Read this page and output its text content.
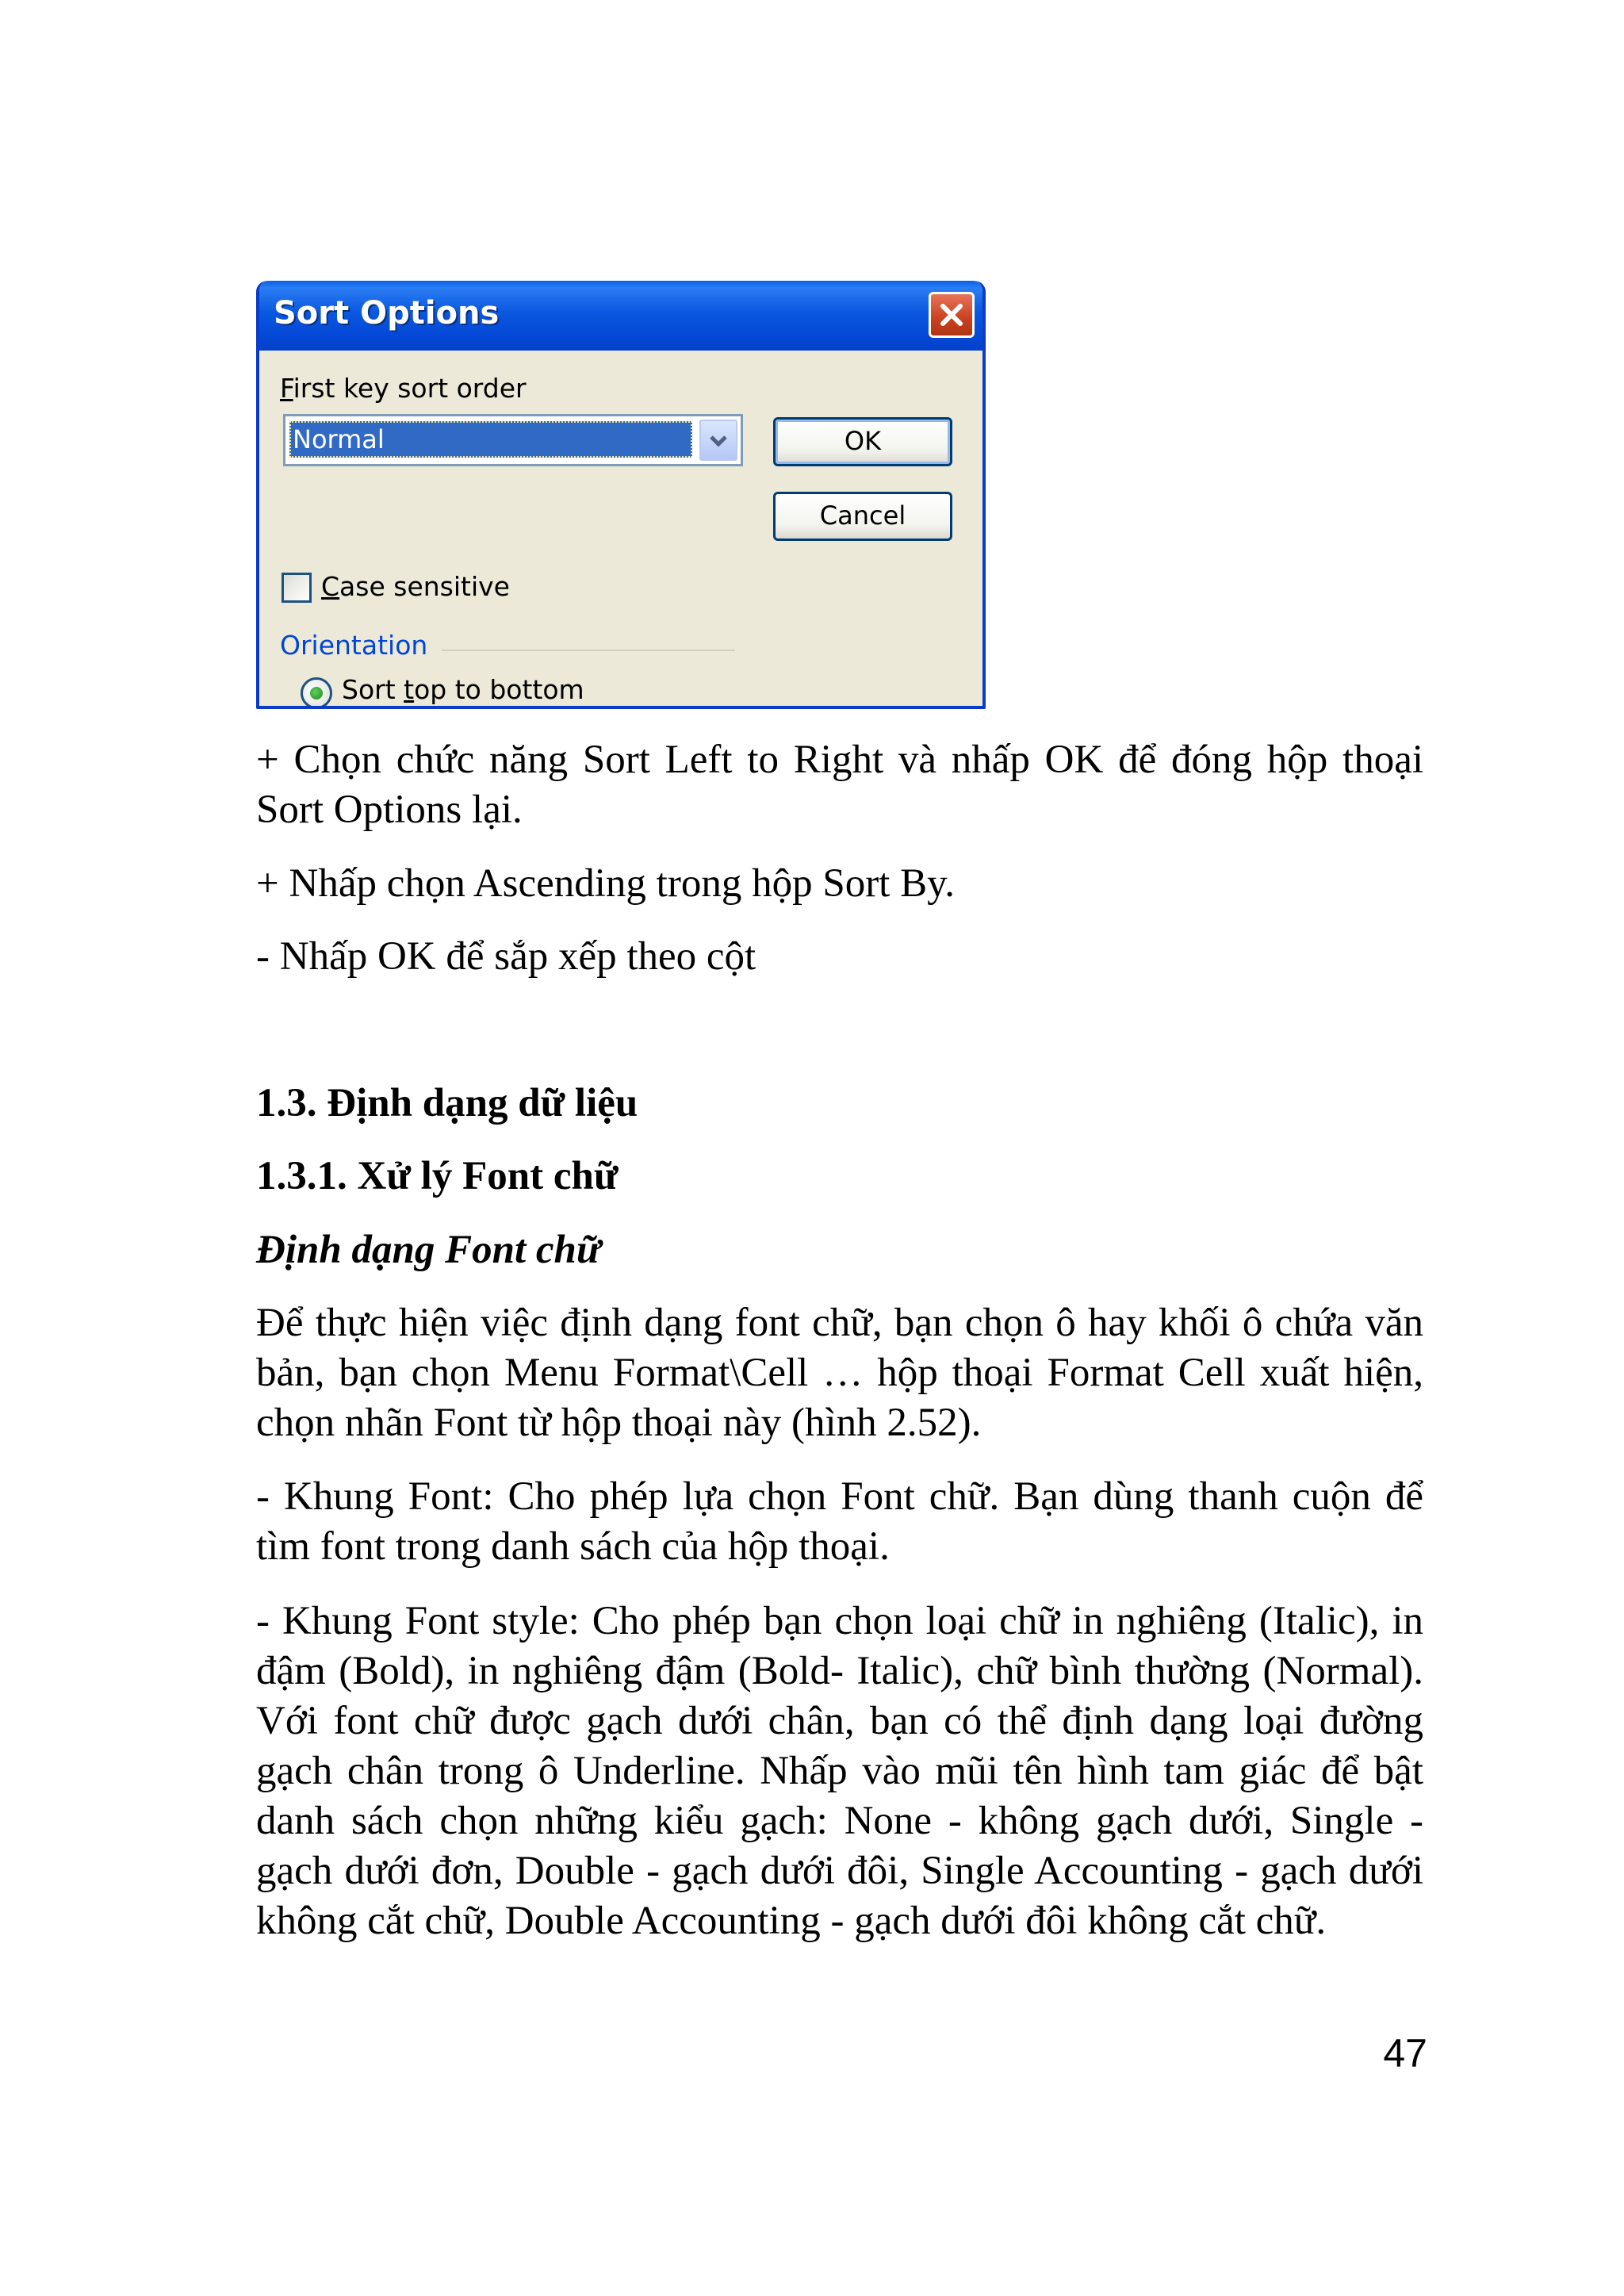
Sort Options
First key sort order
Normal	OK
Cancel
Case sensitive
Orientation
Sort top to bottom

+ Chọn chức năng Sort Left to Right và nhấp OK để đóng hộp thoại Sort Options lại.

+ Nhấp chọn Ascending trong hộp Sort By.

- Nhấp OK để sắp xếp theo cột

1.3. Định dạng dữ liệu
1.3.1. Xử lý Font chữ
Định dạng Font chữ

Để thực hiện việc định dạng font chữ, bạn chọn ô hay khối ô chứa văn bản, bạn chọn Menu Format\Cell … hộp thoại Format Cell xuất hiện, chọn nhãn Font từ hộp thoại này (hình 2.52).

- Khung Font: Cho phép lựa chọn Font chữ. Bạn dùng thanh cuộn để tìm font trong danh sách của hộp thoại.

- Khung Font style: Cho phép bạn chọn loại chữ in nghiêng (Italic), in đậm (Bold), in nghiêng đậm (Bold- Italic), chữ bình thường (Normal). Với font chữ được gạch dưới chân, bạn có thể định dạng loại đường gạch chân trong ô Underline. Nhấp vào mũi tên hình tam giác để bật danh sách chọn những kiểu gạch: None - không gạch dưới, Single - gạch dưới đơn, Double - gạch dưới đôi, Single Accounting - gạch dưới không cắt chữ, Double Accounting - gạch dưới đôi không cắt chữ.

47
